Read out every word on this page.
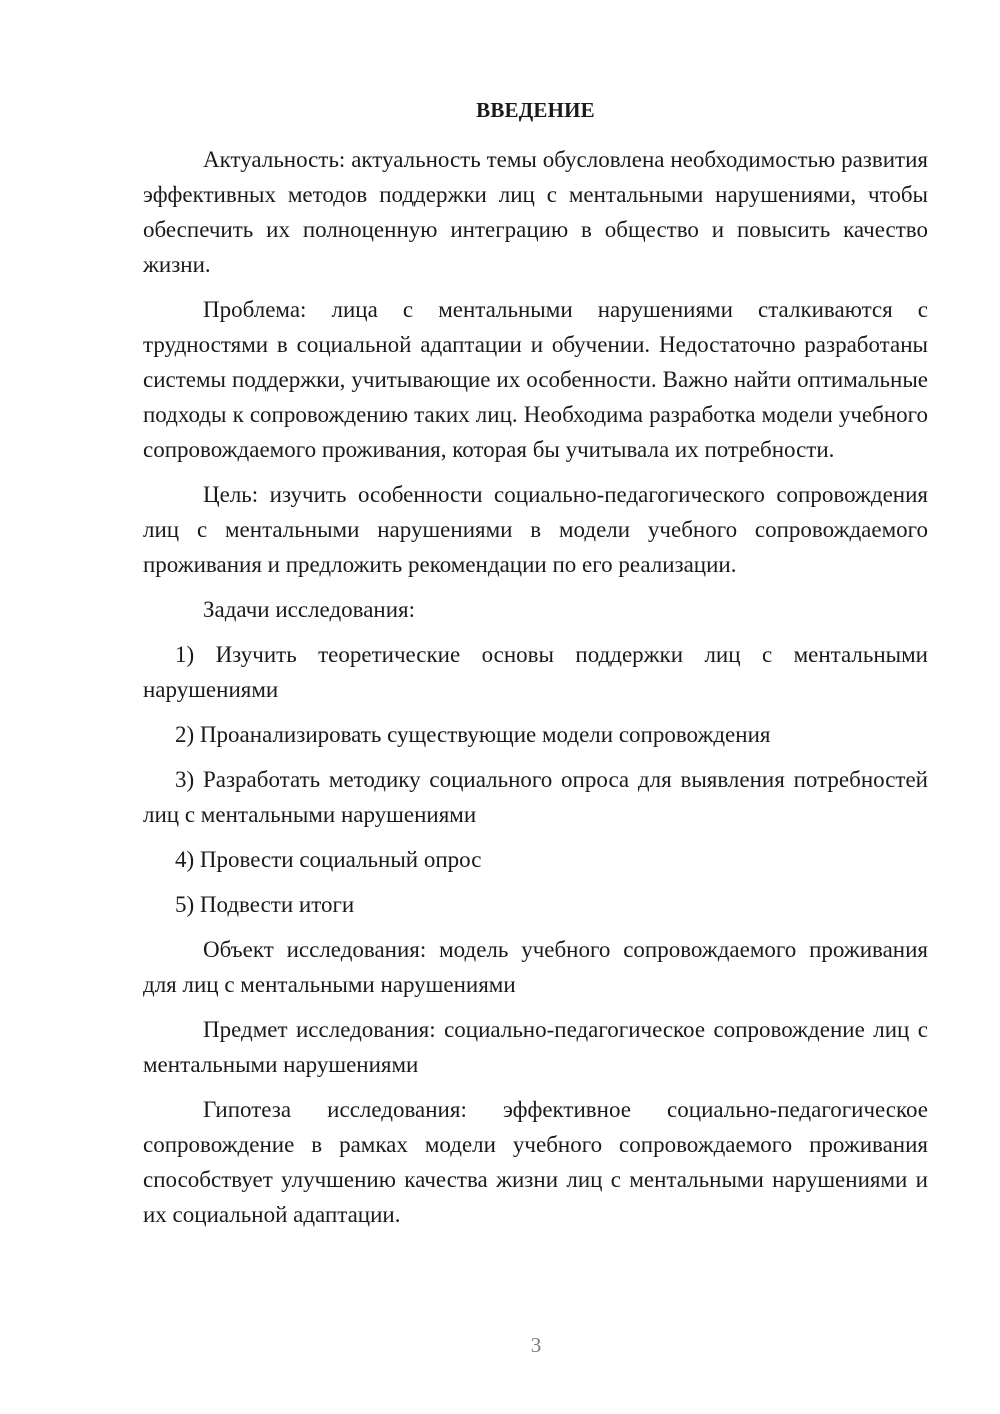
ВВЕДЕНИЕ

Актуальность: актуальность темы обусловлена необходимостью развития эффективных методов поддержки лиц с ментальными нарушениями, чтобы обеспечить их полноценную интеграцию в общество и повысить качество жизни.

Проблема: лица с ментальными нарушениями сталкиваются с трудностями в социальной адаптации и обучении. Недостаточно разработаны системы поддержки, учитывающие их особенности. Важно найти оптимальные подходы к сопровождению таких лиц. Необходима разработка модели учебного сопровождаемого проживания, которая бы учитывала их потребности.

Цель: изучить особенности социально-педагогического сопровождения лиц с ментальными нарушениями в модели учебного сопровождаемого проживания и предложить рекомендации по его реализации.

Задачи исследования:

1) Изучить теоретические основы поддержки лиц с ментальными нарушениями

2) Проанализировать существующие модели сопровождения

3) Разработать методику социального опроса для выявления потребностей лиц с ментальными нарушениями

4) Провести социальный опрос

5) Подвести итоги

Объект исследования: модель учебного сопровождаемого проживания для лиц с ментальными нарушениями

Предмет исследования: социально-педагогическое сопровождение лиц с ментальными нарушениями

Гипотеза исследования: эффективное социально-педагогическое сопровождение в рамках модели учебного сопровождаемого проживания способствует улучшению качества жизни лиц с ментальными нарушениями и их социальной адаптации.

3
